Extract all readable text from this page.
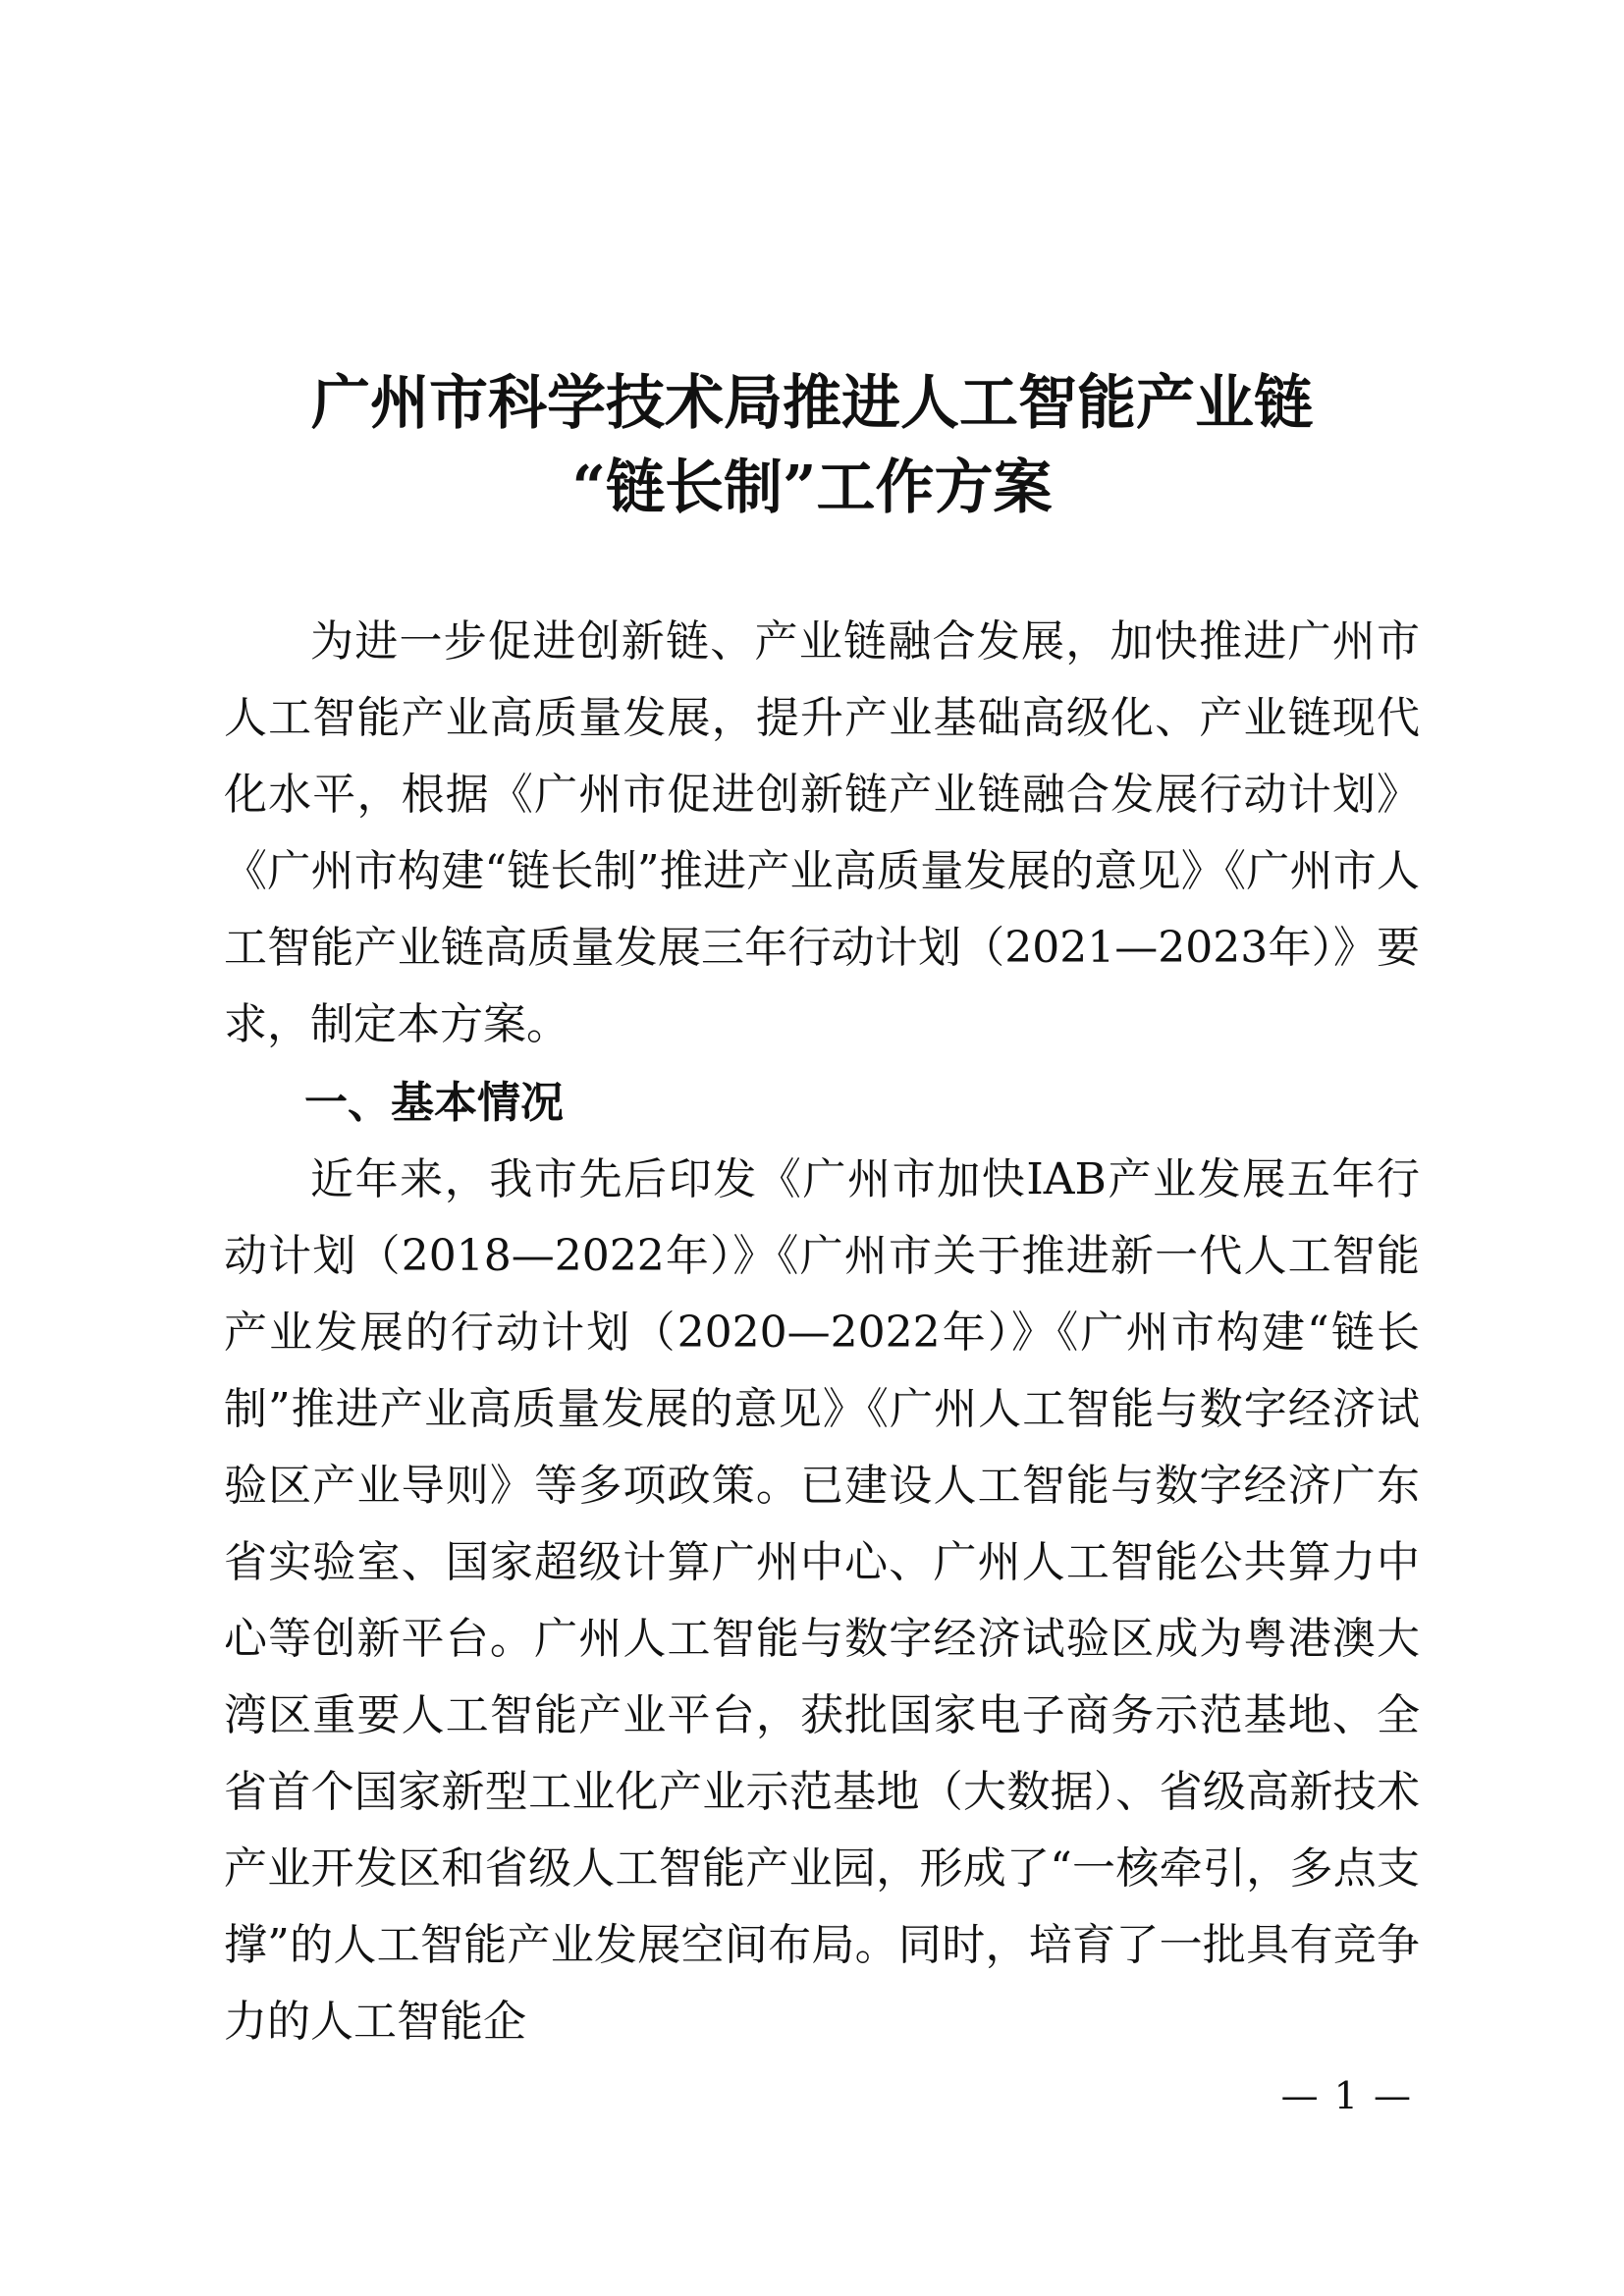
广州市科学技术局推进人工智能产业链
“链长制”工作方案

为进一步促进创新链、产业链融合发展，加快推进广州市人工智能产业高质量发展，提升产业基础高级化、产业链现代化水平，根据《广州市促进创新链产业链融合发展行动计划》《广州市构建“链长制”推进产业高质量发展的意见》《广州市人工智能产业链高质量发展三年行动计划（2021—2023年）》要求，制定本方案。

一、基本情况

近年来，我市先后印发《广州市加快IAB产业发展五年行动计划（2018—2022年）》《广州市关于推进新一代人工智能产业发展的行动计划（2020—2022年）》《广州市构建“链长制”推进产业高质量发展的意见》《广州人工智能与数字经济试验区产业导则》等多项政策。已建设人工智能与数字经济广东省实验室、国家超级计算广州中心、广州人工智能公共算力中心等创新平台。广州人工智能与数字经济试验区成为粤港澳大湾区重要人工智能产业平台，获批国家电子商务示范基地、全省首个国家新型工业化产业示范基地（大数据）、省级高新技术产业开发区和省级人工智能产业园，形成了“一核牵引，多点支撑”的人工智能产业发展空间布局。同时，培育了一批具有竞争力的人工智能企

— 1 —
